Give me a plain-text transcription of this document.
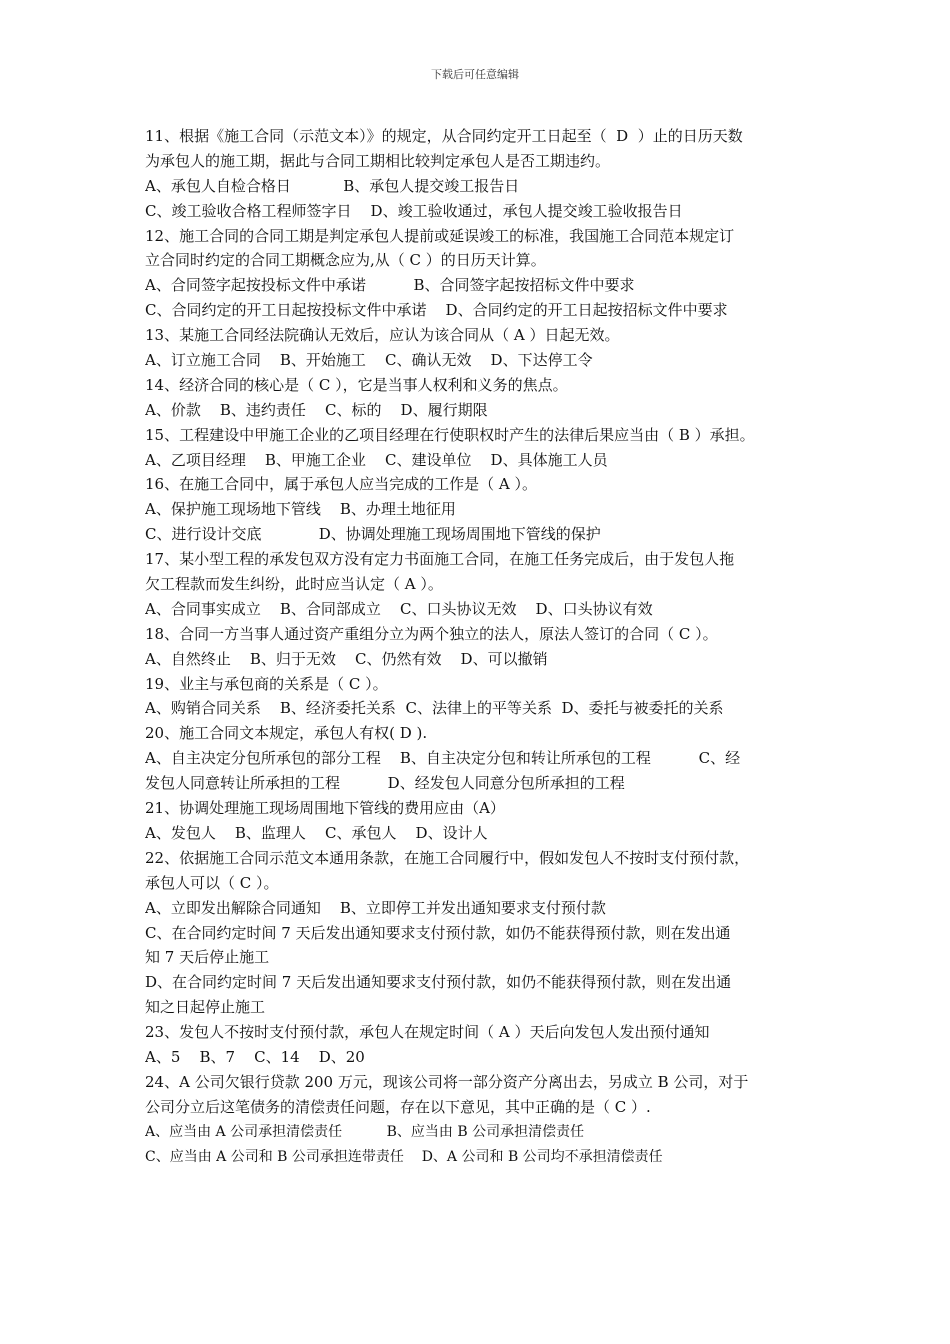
下载后可任意编辑
11、根据《施工合同（示范文本）》的规定，从合同约定开工日起至（  D  ）止的日历天数
为承包人的施工期，据此与合同工期相比较判定承包人是否工期违约。
A、承包人自检合格日           B、承包人提交竣工报告日
C、竣工验收合格工程师签字日    D、竣工验收通过，承包人提交竣工验收报告日
12、施工合同的合同工期是判定承包人提前或延误竣工的标准，我国施工合同范本规定订
立合同时约定的合同工期概念应为,从（ C ）的日历天计算。
A、合同签字起按投标文件中承诺          B、合同签字起按招标文件中要求
C、合同约定的开工日起按投标文件中承诺    D、合同约定的开工日起按招标文件中要求
13、某施工合同经法院确认无效后，应认为该合同从（ A ）日起无效。
A、订立施工合同    B、开始施工    C、确认无效    D、下达停工令
14、经济合同的核心是（ C ），它是当事人权利和义务的焦点。
A、价款    B、违约责任    C、标的    D、履行期限
15、工程建设中甲施工企业的乙项目经理在行使职权时产生的法律后果应当由（ B ）承担。
A、乙项目经理    B、甲施工企业    C、建设单位    D、具体施工人员
16、在施工合同中，属于承包人应当完成的工作是（ A ）。
A、保护施工现场地下管线    B、办理土地征用
C、进行设计交底            D、协调处理施工现场周围地下管线的保护
17、某小型工程的承发包双方没有定力书面施工合同，在施工任务完成后，由于发包人拖
欠工程款而发生纠纷，此时应当认定（ A ）。
A、合同事实成立    B、合同部成立    C、口头协议无效    D、口头协议有效
18、合同一方当事人通过资产重组分立为两个独立的法人，原法人签订的合同（ C ）。
A、自然终止    B、归于无效    C、仍然有效    D、可以撤销
19、业主与承包商的关系是（ C ）。
A、购销合同关系    B、经济委托关系  C、法律上的平等关系  D、委托与被委托的关系
20、施工合同文本规定，承包人有权( D ).
A、自主决定分包所承包的部分工程    B、自主决定分包和转让所承包的工程          C、经
发包人同意转让所承担的工程          D、经发包人同意分包所承担的工程
21、协调处理施工现场周围地下管线的费用应由（A）
A、发包人    B、监理人    C、承包人    D、设计人
22、依据施工合同示范文本通用条款，在施工合同履行中，假如发包人不按时支付预付款，
承包人可以（ C ）。
A、立即发出解除合同通知    B、立即停工并发出通知要求支付预付款
C、在合同约定时间 7 天后发出通知要求支付预付款，如仍不能获得预付款，则在发出通
知 7 天后停止施工
D、在合同约定时间 7 天后发出通知要求支付预付款，如仍不能获得预付款，则在发出通
知之日起停止施工
23、发包人不按时支付预付款，承包人在规定时间（ A ）天后向发包人发出预付通知
A、5    B、7    C、14    D、20
24、A 公司欠银行贷款 200 万元，现该公司将一部分资产分离出去，另成立 B 公司，对于
公司分立后这笔债务的清偿责任问题，存在以下意见，其中正确的是（ C ）.
A、应当由 A 公司承担清偿责任          B、应当由 B 公司承担清偿责任
C、应当由 A 公司和 B 公司承担连带责任    D、A 公司和 B 公司均不承担清偿责任
